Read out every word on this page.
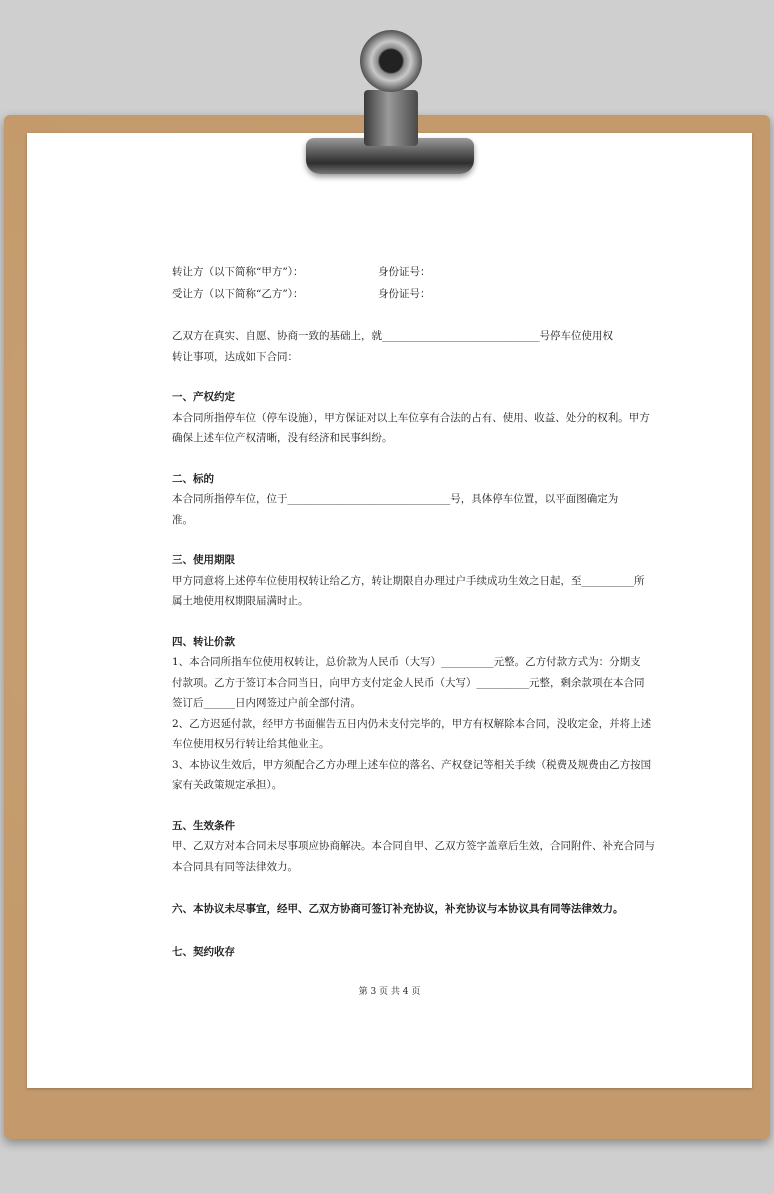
转让方（以下简称“甲方”）：	身份证号：
受让方（以下简称“乙方”）：	身份证号：
乙双方在真实、自愿、协商一致的基础上，就______________________________号停车位使用权
转让事项，达成如下合同：
一、产权约定
本合同所指停车位（停车设施），甲方保证对以上车位享有合法的占有、使用、收益、处分的权利。甲方
确保上述车位产权清晰，没有经济和民事纠纷。
二、标的
本合同所指停车位，位于_______________________________号，具体停车位置，以平面图确定为
准。
三、使用期限
甲方同意将上述停车位使用权转让给乙方，转让期限自办理过户手续成功生效之日起，至__________所
属土地使用权期限届满时止。
四、转让价款
1、本合同所指车位使用权转让，总价款为人民币（大写）__________元整。乙方付款方式为：分期支
付款项。乙方于签订本合同当日，向甲方支付定金人民币（大写）__________元整，剩余款项在本合同
签订后______日内网签过户前全部付清。
2、乙方迟延付款，经甲方书面催告五日内仍未支付完毕的，甲方有权解除本合同，没收定金，并将上述
车位使用权另行转让给其他业主。
3、本协议生效后，甲方须配合乙方办理上述车位的落名、产权登记等相关手续（税费及规费由乙方按国
家有关政策规定承担）。
五、生效条件
甲、乙双方对本合同未尽事项应协商解决。本合同自甲、乙双方签字盖章后生效，合同附件、补充合同与
本合同具有同等法律效力。
六、本协议未尽事宜，经甲、乙双方协商可签订补充协议，补充协议与本协议具有同等法律效力。
七、契约收存
第 3 页 共 4 页
